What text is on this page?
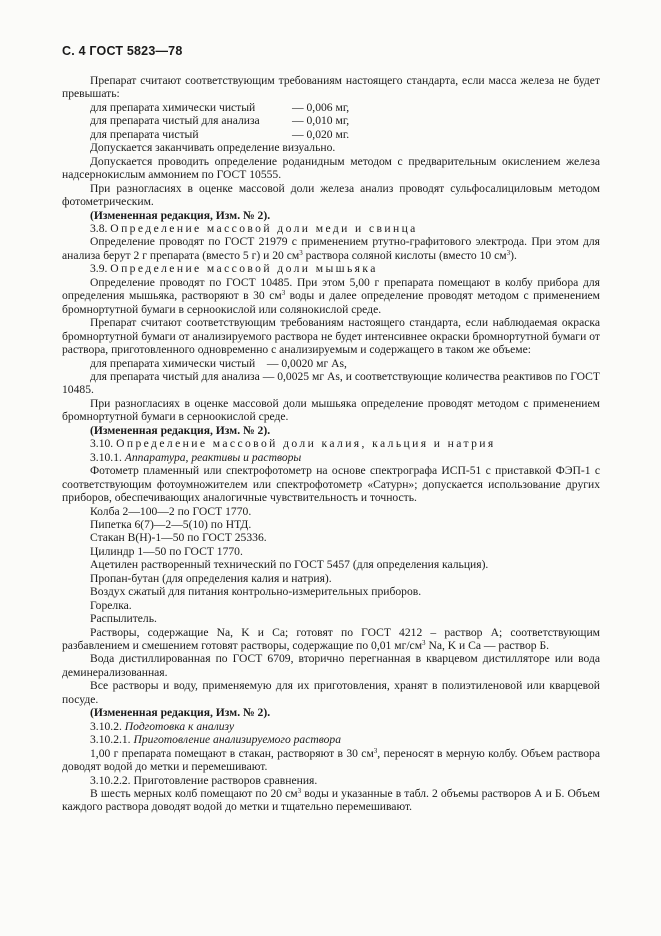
С. 4 ГОСТ 5823—78

Препарат считают соответствующим требованиям настоящего стандарта, если масса железа не будет превышать:

для препарата химически чистый	— 0,006 мг,
для препарата чистый для анализа	— 0,010 мг,
для препарата чистый	— 0,020 мг.

Допускается заканчивать определение визуально.

Допускается проводить определение роданидным методом с предварительным окислением железа надсернокислым аммонием по ГОСТ 10555.

При разногласиях в оценке массовой доли железа анализ проводят сульфосалициловым методом фотометрическим.

(Измененная редакция, Изм. № 2).

3.8. Определение массовой доли меди и свинца

Определение проводят по ГОСТ 21979 с применением ртутно-графитового электрода. При этом для анализа берут 2 г препарата (вместо 5 г) и 20 $см^3$ раствора соляной кислоты (вместо 10 $см^3$).

3.9. Определение массовой доли мышьяка

Определение проводят по ГОСТ 10485. При этом 5,00 г препарата помещают в колбу прибора для определения мышьяка, растворяют в 30 $см^3$ воды и далее определение проводят методом с применением бромнортутной бумаги в серноокислой или солянокислой среде.

Препарат считают соответствующим требованиям настоящего стандарта, если наблюдаемая окраска бромнортутной бумаги от анализируемого раствора не будет интенсивнее окраски бромнортутной бумаги от раствора, приготовленного одновременно с анализируемым и содержащего в таком же объеме:

для препарата химически чистый    — 0,0020 мг As,

для препарата чистый для анализа — 0,0025 мг As, и соответствующие количества реактивов по ГОСТ 10485.

При разногласиях в оценке массовой доли мышьяка определение проводят методом с применением бромнортутной бумаги в серноокислой среде.

(Измененная редакция, Изм. № 2).

3.10. Определение массовой доли калия, кальция и натрия

3.10.1. Аппаратура, реактивы и растворы

Фотометр пламенный или спектрофотометр на основе спектрографа ИСП-51 с приставкой ФЭП-1 с соответствующим фотоумножителем или спектрофотометр «Сатурн»; допускается использование других приборов, обеспечивающих аналогичные чувствительность и точность.

Колба 2—100—2 по ГОСТ 1770.

Пипетка 6(7)—2—5(10) по НТД.

Стакан В(Н)-1—50 по ГОСТ 25336.

Цилиндр 1—50 по ГОСТ 1770.

Ацетилен растворенный технический по ГОСТ 5457 (для определения кальция).

Пропан-бутан (для определения калия и натрия).

Воздух сжатый для питания контрольно-измерительных приборов.

Горелка.

Распылитель.

Растворы, содержащие Na, K и Ca; готовят по ГОСТ 4212 – раствор А; соответствующим разбавлением и смешением готовят растворы, содержащие по 0,01 $мг/см^3$ Na, K и Ca — раствор Б.

Вода дистиллированная по ГОСТ 6709, вторично перегнанная в кварцевом дистилляторе или вода деминерализованная.

Все растворы и воду, применяемую для их приготовления, хранят в полиэтиленовой или кварцевой посуде.

(Измененная редакция, Изм. № 2).

3.10.2. Подготовка к анализу

3.10.2.1. Приготовление анализируемого раствора

1,00 г препарата помещают в стакан, растворяют в 30 $см^3$, переносят в мерную колбу. Объем раствора доводят водой до метки и перемешивают.

3.10.2.2. Приготовление растворов сравнения.

В шесть мерных колб помещают по 20 $см^3$ воды и указанные в табл. 2 объемы растворов А и Б. Объем каждого раствора доводят водой до метки и тщательно перемешивают.
